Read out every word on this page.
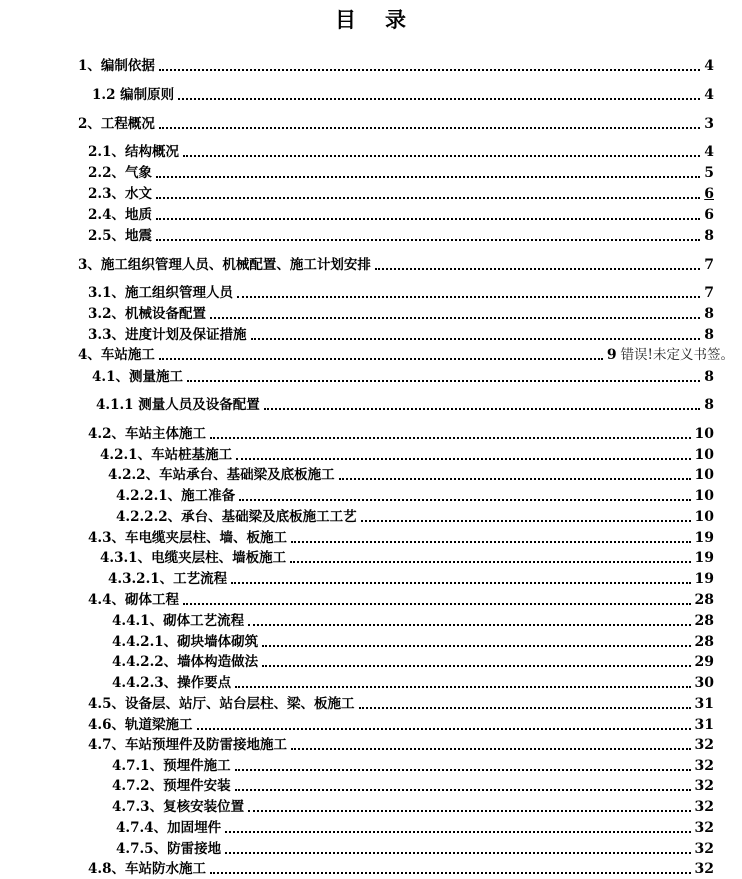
目 录
1、编制依据	4
1.2 编制原则	4
2、工程概况	3
2.1、结构概况	4
2.2、气象	5
2.3、水文	6
2.4、地质	6
2.5、地震	8
3、施工组织管理人员、机械配置、施工计划安排	7
3.1、施工组织管理人员	7
3.2、机械设备配置	8
3.3、进度计划及保证措施	8
4、车站施工	9 错误!未定义书签。
4.1、测量施工	8
4.1.1 测量人员及设备配置	8
4.2、车站主体施工	10
4.2.1、车站桩基施工	10
4.2.2、车站承台、基础梁及底板施工	10
4.2.2.1、施工准备	10
4.2.2.2、承台、基础梁及底板施工工艺	10
4.3、车电缆夹层柱、墙、板施工	19
4.3.1、电缆夹层柱、墙板施工	19
4.3.2.1、工艺流程	19
4.4、砌体工程	28
4.4.1、砌体工艺流程	28
4.4.2.1、砌块墙体砌筑	28
4.4.2.2、墙体构造做法	29
4.4.2.3、操作要点	30
4.5、设备层、站厅、站台层柱、梁、板施工	31
4.6、轨道梁施工	31
4.7、车站预埋件及防雷接地施工	32
4.7.1、预埋件施工	32
4.7.2、预埋件安装	32
4.7.3、复核安装位置	32
4.7.4、加固埋件	32
4.7.5、防雷接地	32
4.8、车站防水施工	32
